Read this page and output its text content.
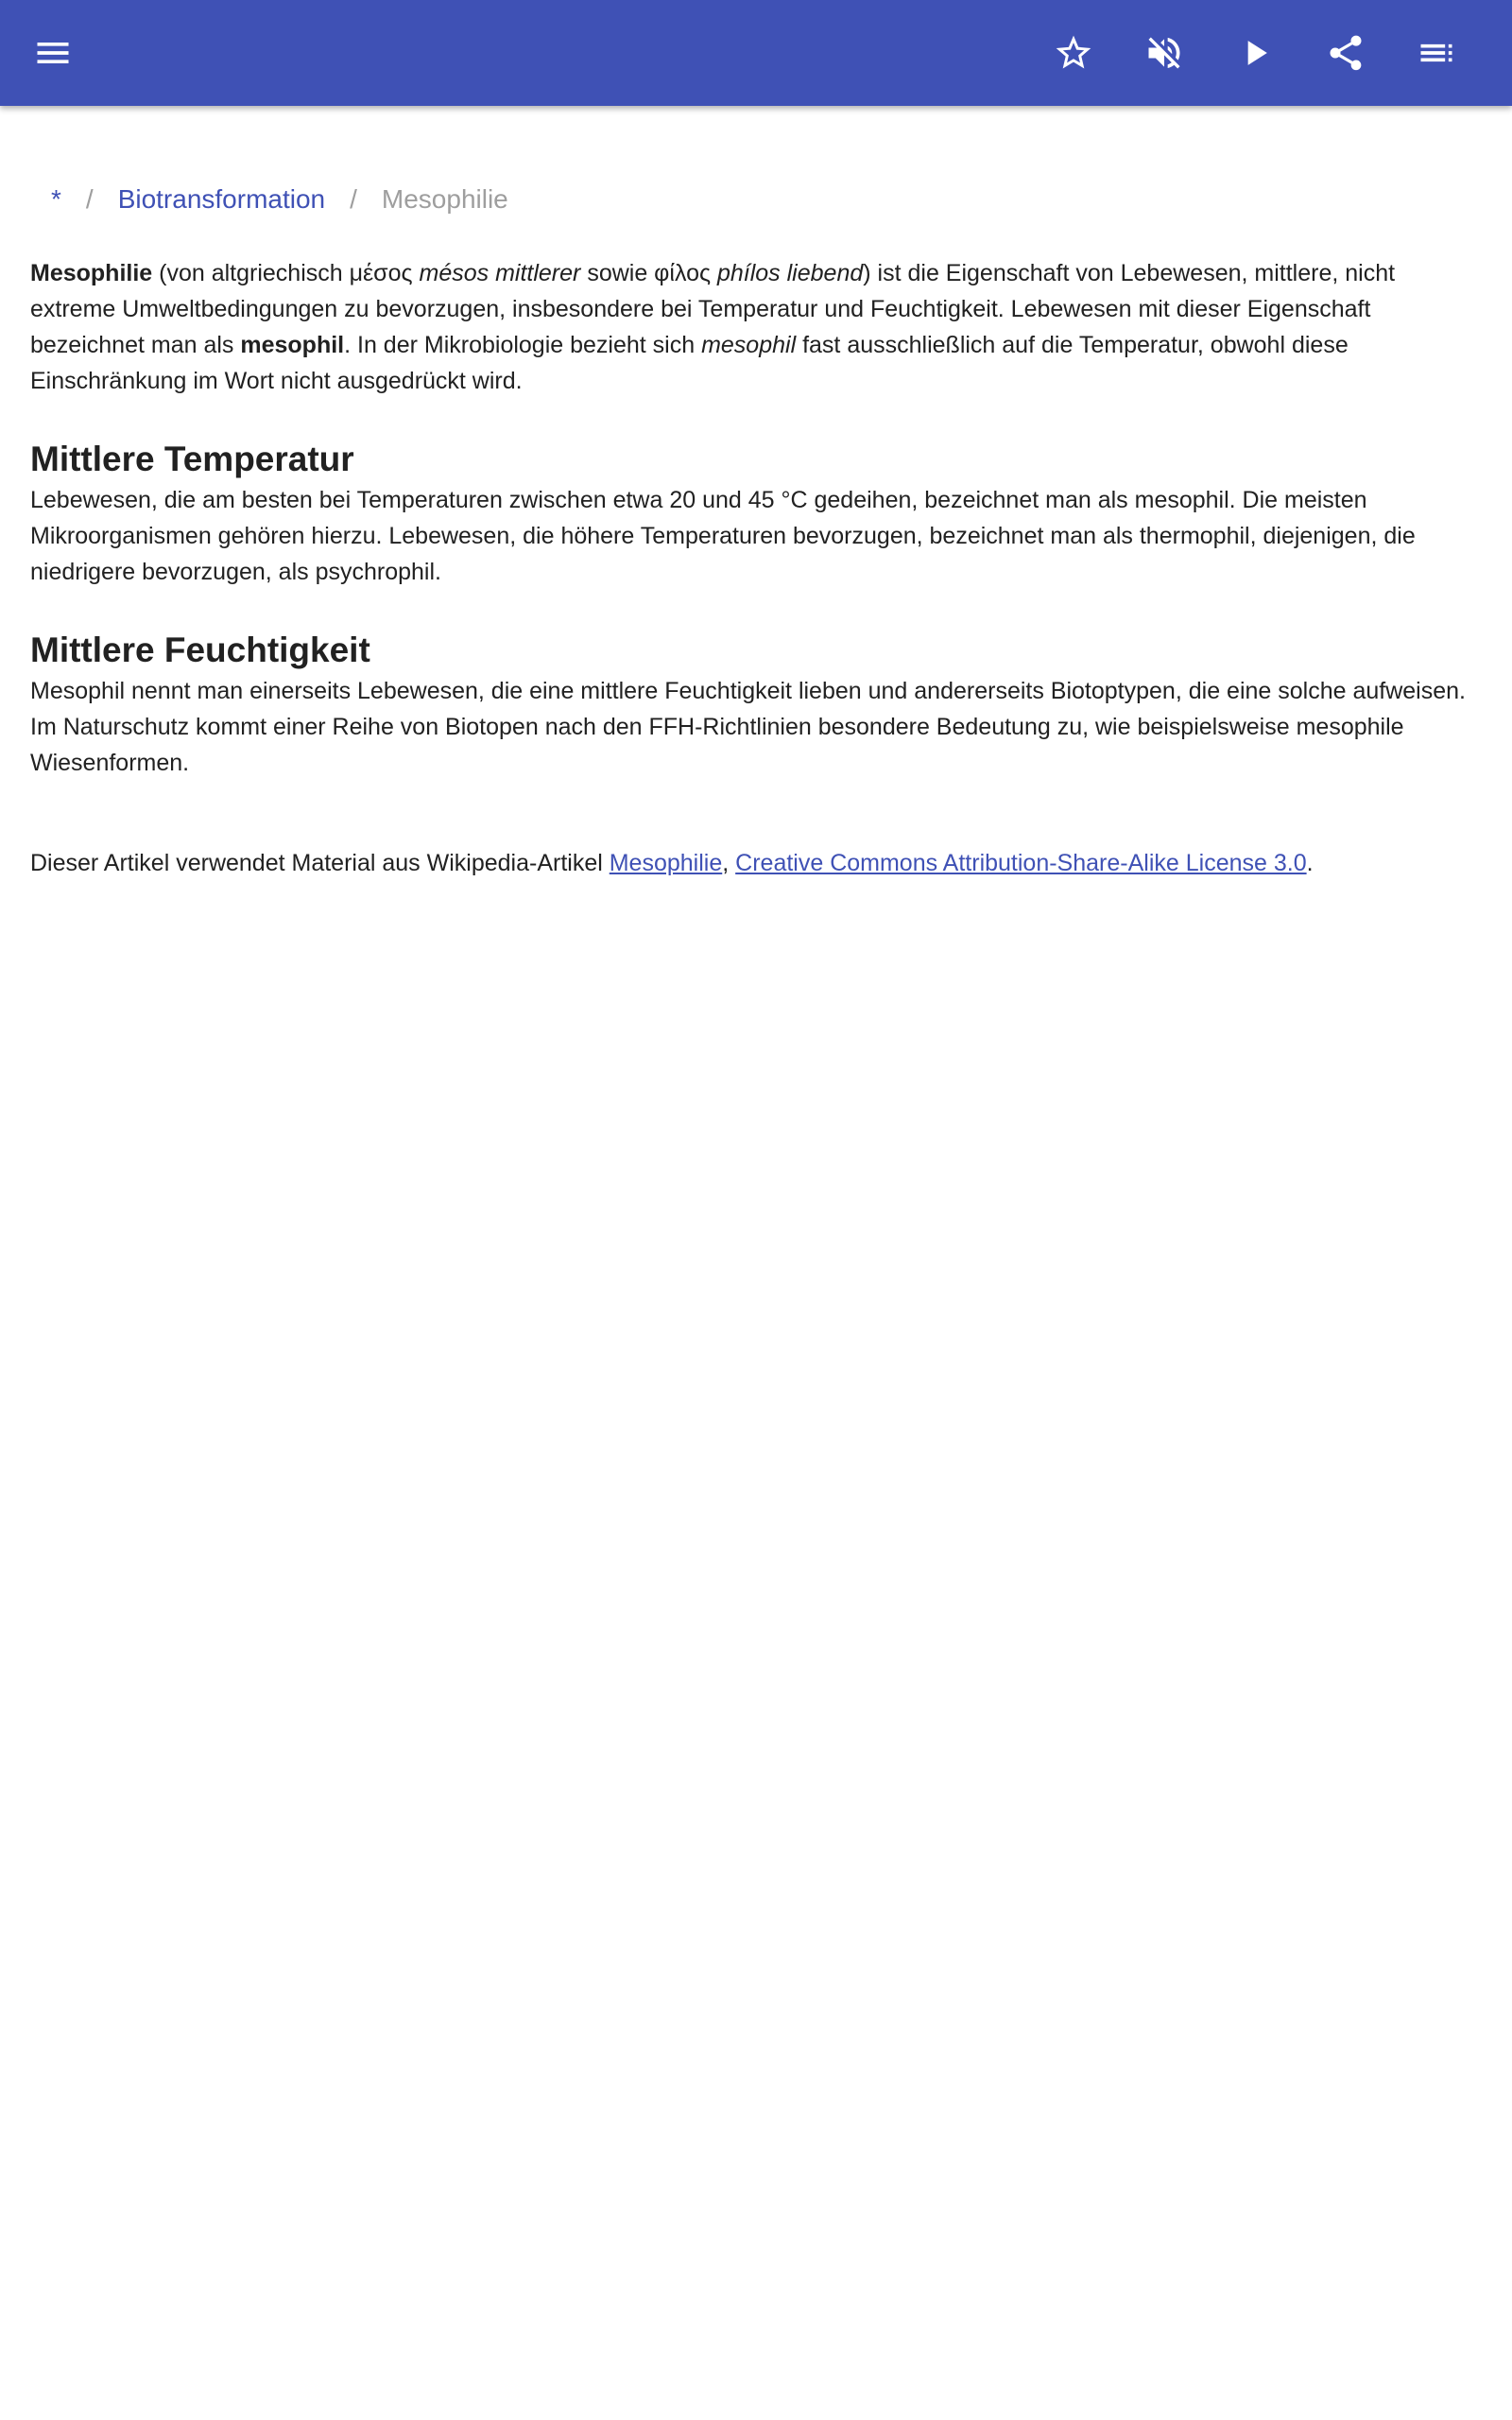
* / Biotransformation / Mesophilie

Mesophilie (von altgriechisch μέσος mésos mittlerer sowie φίλος phílos liebend) ist die Eigenschaft von Lebewesen, mittlere, nicht extreme Umweltbedingungen zu bevorzugen, insbesondere bei Temperatur und Feuchtigkeit. Lebewesen mit dieser Eigenschaft bezeichnet man als mesophil. In der Mikrobiologie bezieht sich mesophil fast ausschließlich auf die Temperatur, obwohl diese Einschränkung im Wort nicht ausgedrückt wird.

Mittlere Temperatur

Lebewesen, die am besten bei Temperaturen zwischen etwa 20 und 45 °C gedeihen, bezeichnet man als mesophil. Die meisten Mikroorganismen gehören hierzu. Lebewesen, die höhere Temperaturen bevorzugen, bezeichnet man als thermophil, diejenigen, die niedrigere bevorzugen, als psychrophil.

Mittlere Feuchtigkeit

Mesophil nennt man einerseits Lebewesen, die eine mittlere Feuchtigkeit lieben und andererseits Biotoptypen, die eine solche aufweisen. Im Naturschutz kommt einer Reihe von Biotopen nach den FFH-Richtlinien besondere Bedeutung zu, wie beispielsweise mesophile Wiesenformen.

Dieser Artikel verwendet Material aus Wikipedia-Artikel Mesophilie, Creative Commons Attribution-Share-Alike License 3.0.
